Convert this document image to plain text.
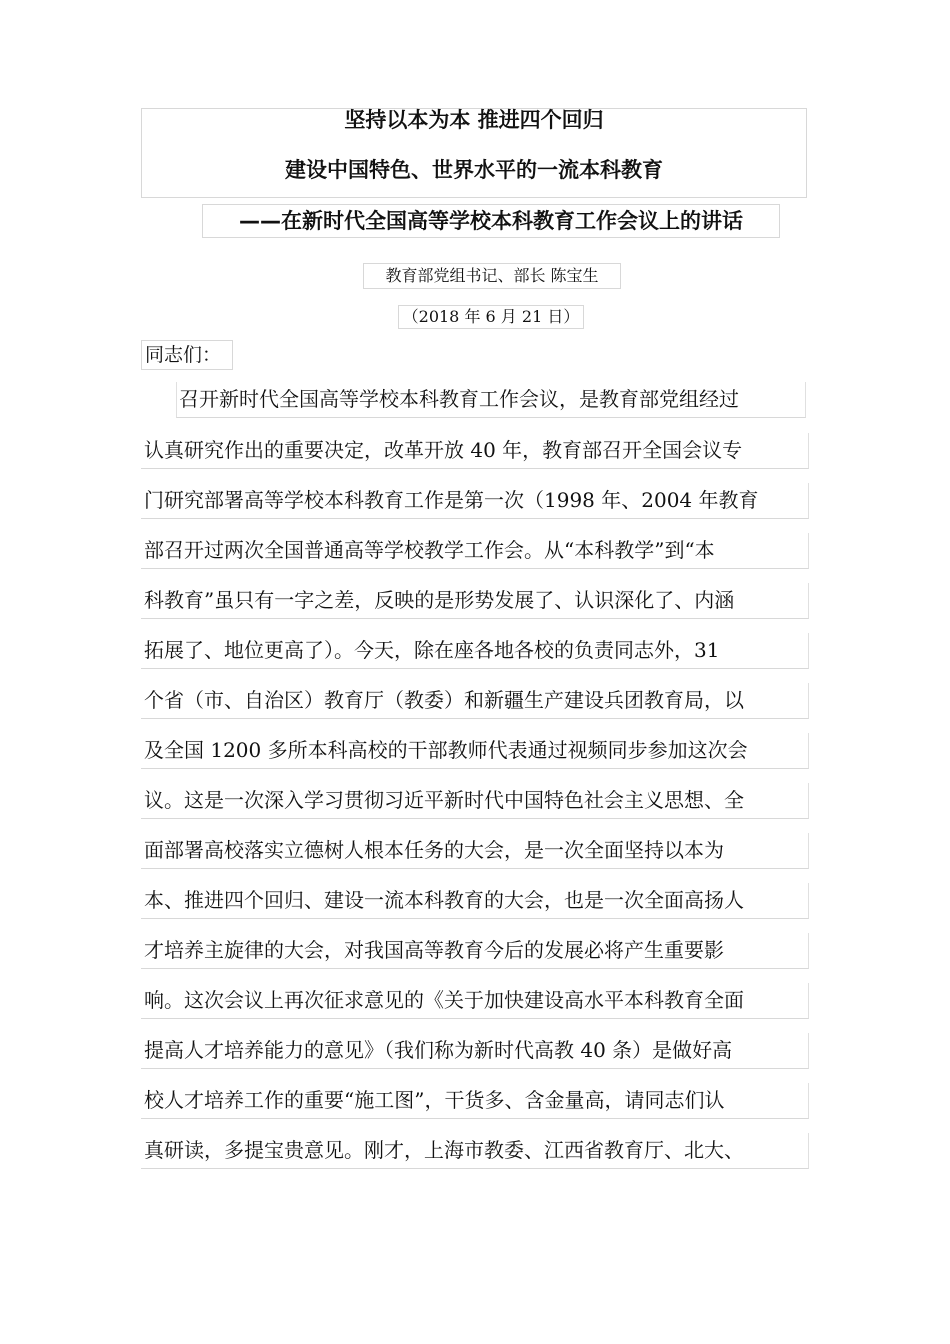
坚持以本为本 推进四个回归
建设中国特色、世界水平的一流本科教育
——在新时代全国高等学校本科教育工作会议上的讲话
教育部党组书记、部长 陈宝生
（2018 年 6 月 21 日）
同志们：
召开新时代全国高等学校本科教育工作会议，是教育部党组经过
认真研究作出的重要决定，改革开放 40 年，教育部召开全国会议专
门研究部署高等学校本科教育工作是第一次（1998 年、2004 年教育
部召开过两次全国普通高等学校教学工作会。从“本科教学”到“本
科教育”虽只有一字之差，反映的是形势发展了、认识深化了、内涵
拓展了、地位更高了）。今天，除在座各地各校的负责同志外，31
个省（市、自治区）教育厅（教委）和新疆生产建设兵团教育局，以
及全国 1200 多所本科高校的干部教师代表通过视频同步参加这次会
议。这是一次深入学习贯彻习近平新时代中国特色社会主义思想、全
面部署高校落实立德树人根本任务的大会，是一次全面坚持以本为
本、推进四个回归、建设一流本科教育的大会，也是一次全面高扬人
才培养主旋律的大会，对我国高等教育今后的发展必将产生重要影
响。这次会议上再次征求意见的《关于加快建设高水平本科教育全面
提高人才培养能力的意见》（我们称为新时代高教 40 条）是做好高
校人才培养工作的重要“施工图”，干货多、含金量高，请同志们认
真研读，多提宝贵意见。刚才，上海市教委、江西省教育厅、北大、
